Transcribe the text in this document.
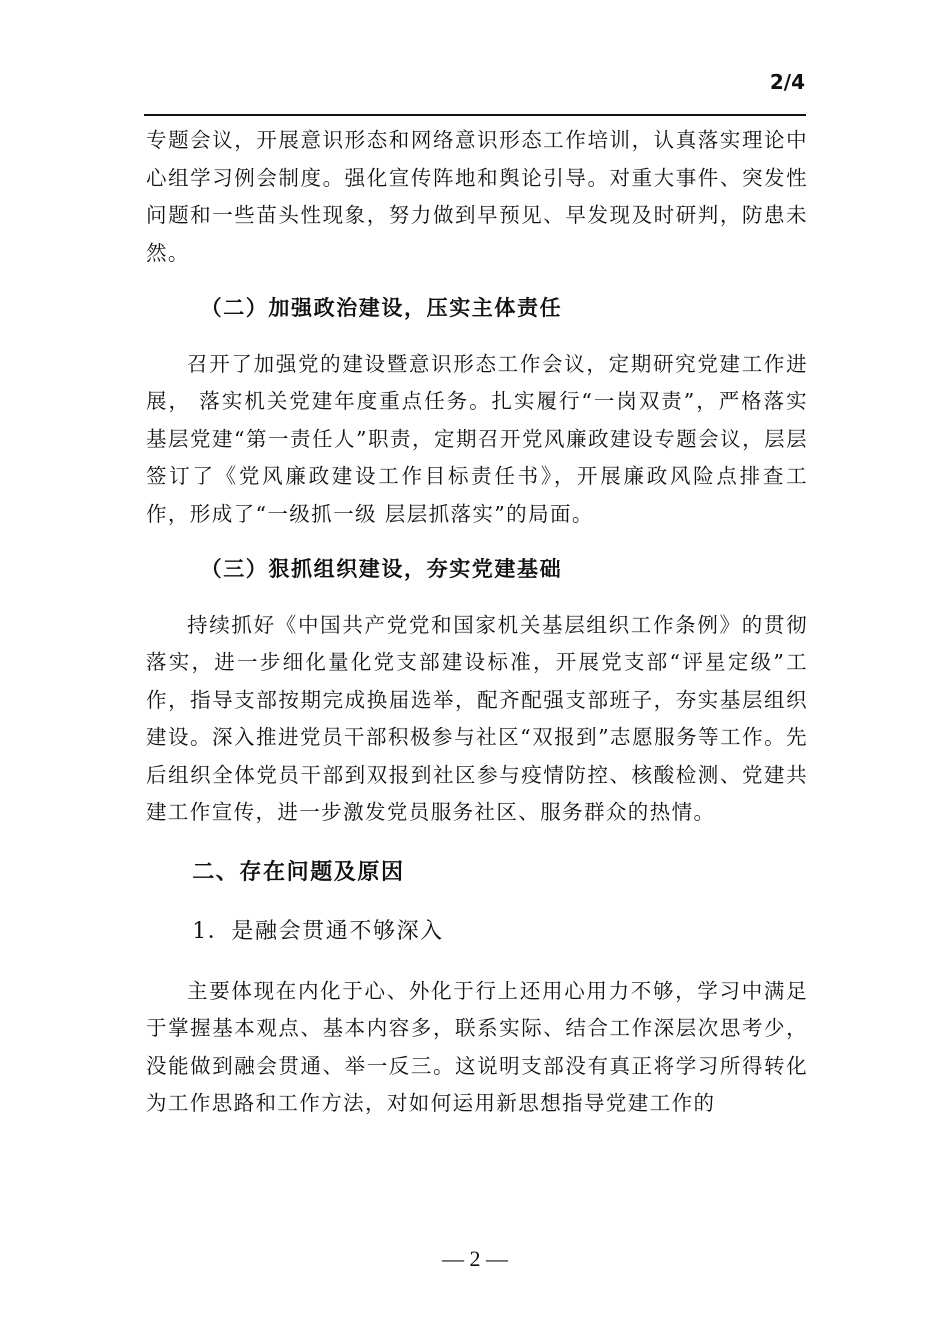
2/4

专题会议，开展意识形态和网络意识形态工作培训，认真落实理论中心组学习例会制度。强化宣传阵地和舆论引导。对重大事件、突发性问题和一些苗头性现象，努力做到早预见、早发现及时研判，防患未然。

（二）加强政治建设，压实主体责任

召开了加强党的建设暨意识形态工作会议，定期研究党建工作进展， 落实机关党建年度重点任务。扎实履行“一岗双责”，严格落实基层党建“第一责任人”职责，定期召开党风廉政建设专题会议，层层签订了《党风廉政建设工作目标责任书》，开展廉政风险点排查工作，形成了“一级抓一级 层层抓落实”的局面。

（三）狠抓组织建设，夯实党建基础

持续抓好《中国共产党党和国家机关基层组织工作条例》的贯彻落实，进一步细化量化党支部建设标准，开展党支部“评星定级”工作，指导支部按期完成换届选举，配齐配强支部班子，夯实基层组织建设。深入推进党员干部积极参与社区“双报到”志愿服务等工作。先后组织全体党员干部到双报到社区参与疫情防控、核酸检测、党建共建工作宣传，进一步激发党员服务社区、服务群众的热情。

二、存在问题及原因

1．是融会贯通不够深入

主要体现在内化于心、外化于行上还用心用力不够，学习中满足于掌握基本观点、基本内容多，联系实际、结合工作深层次思考少，没能做到融会贯通、举一反三。这说明支部没有真正将学习所得转化为工作思路和工作方法，对如何运用新思想指导党建工作的

— 2 —
